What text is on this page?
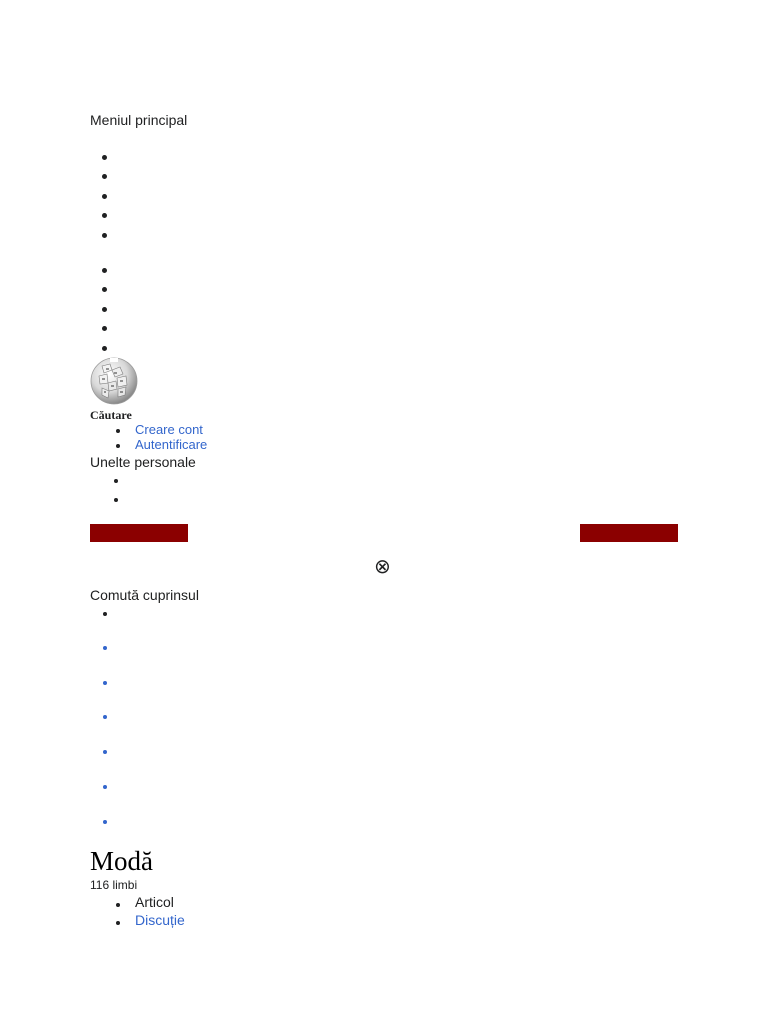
Meniul principal
Căutare
Creare cont
Autentificare
Unelte personale
⊗
Comută cuprinsul
Modă
116 limbi
Articol
Discuție
